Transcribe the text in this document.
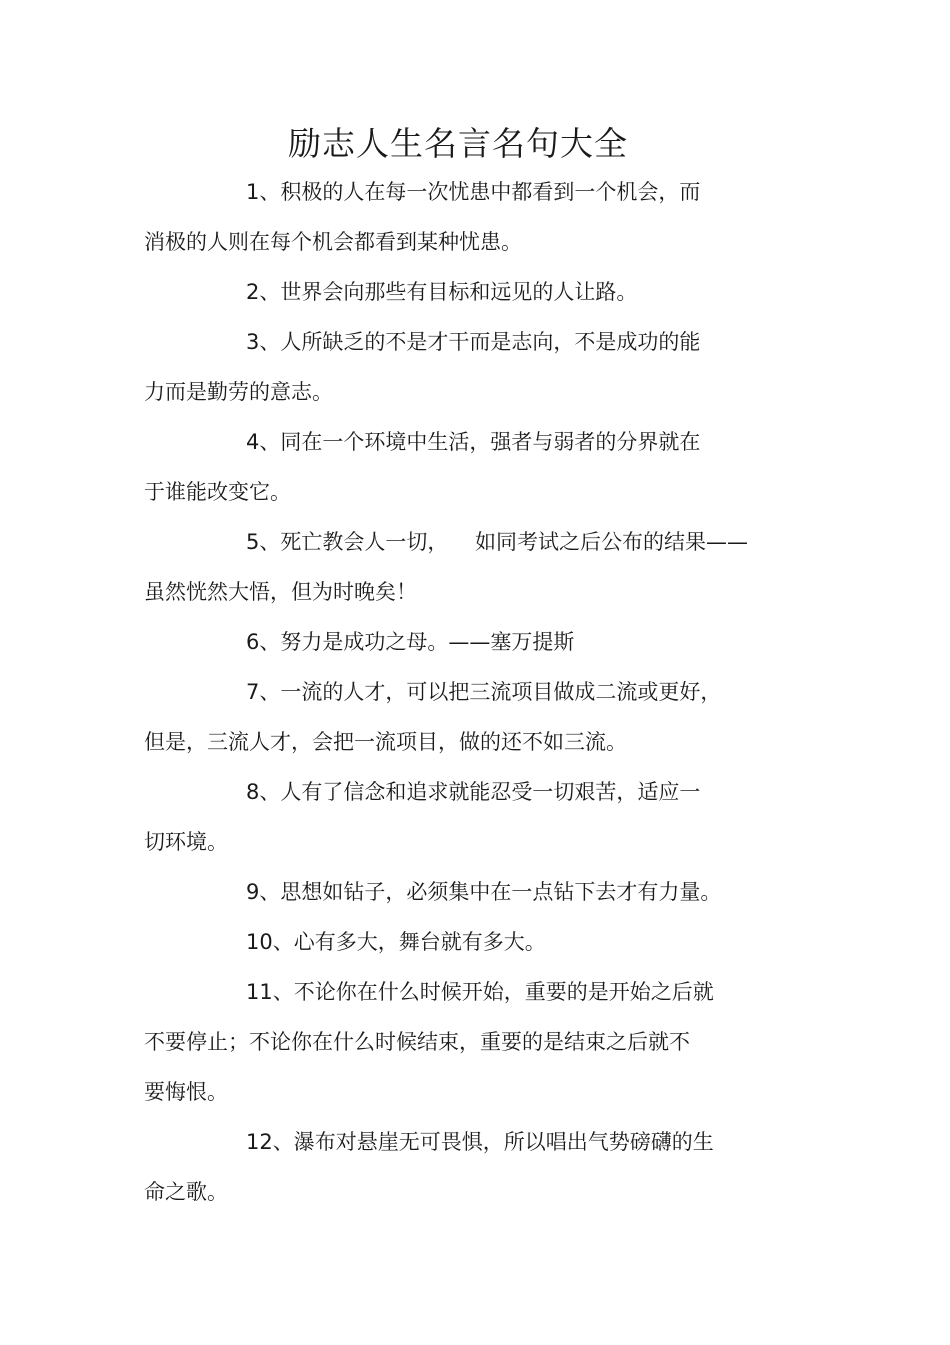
励志人生名言名句大全
1、积极的人在每一次忧患中都看到一个机会，而
消极的人则在每个机会都看到某种忧患。
2、世界会向那些有目标和远见的人让路。
3、人所缺乏的不是才干而是志向，不是成功的能
力而是勤劳的意志。
4、同在一个环境中生活，强者与弱者的分界就在
于谁能改变它。
5、死亡教会人一切，    如同考试之后公布的结果——
虽然恍然大悟，但为时晚矣！
6、努力是成功之母。——塞万提斯
7、一流的人才，可以把三流项目做成二流或更好，
但是，三流人才，会把一流项目，做的还不如三流。
8、人有了信念和追求就能忍受一切艰苦，适应一
切环境。
9、思想如钻子，必须集中在一点钻下去才有力量。
10、心有多大，舞台就有多大。
11、不论你在什么时候开始，重要的是开始之后就
不要停止；不论你在什么时候结束，重要的是结束之后就不
要悔恨。
12、瀑布对悬崖无可畏惧，所以唱出气势磅礴的生
命之歌。
